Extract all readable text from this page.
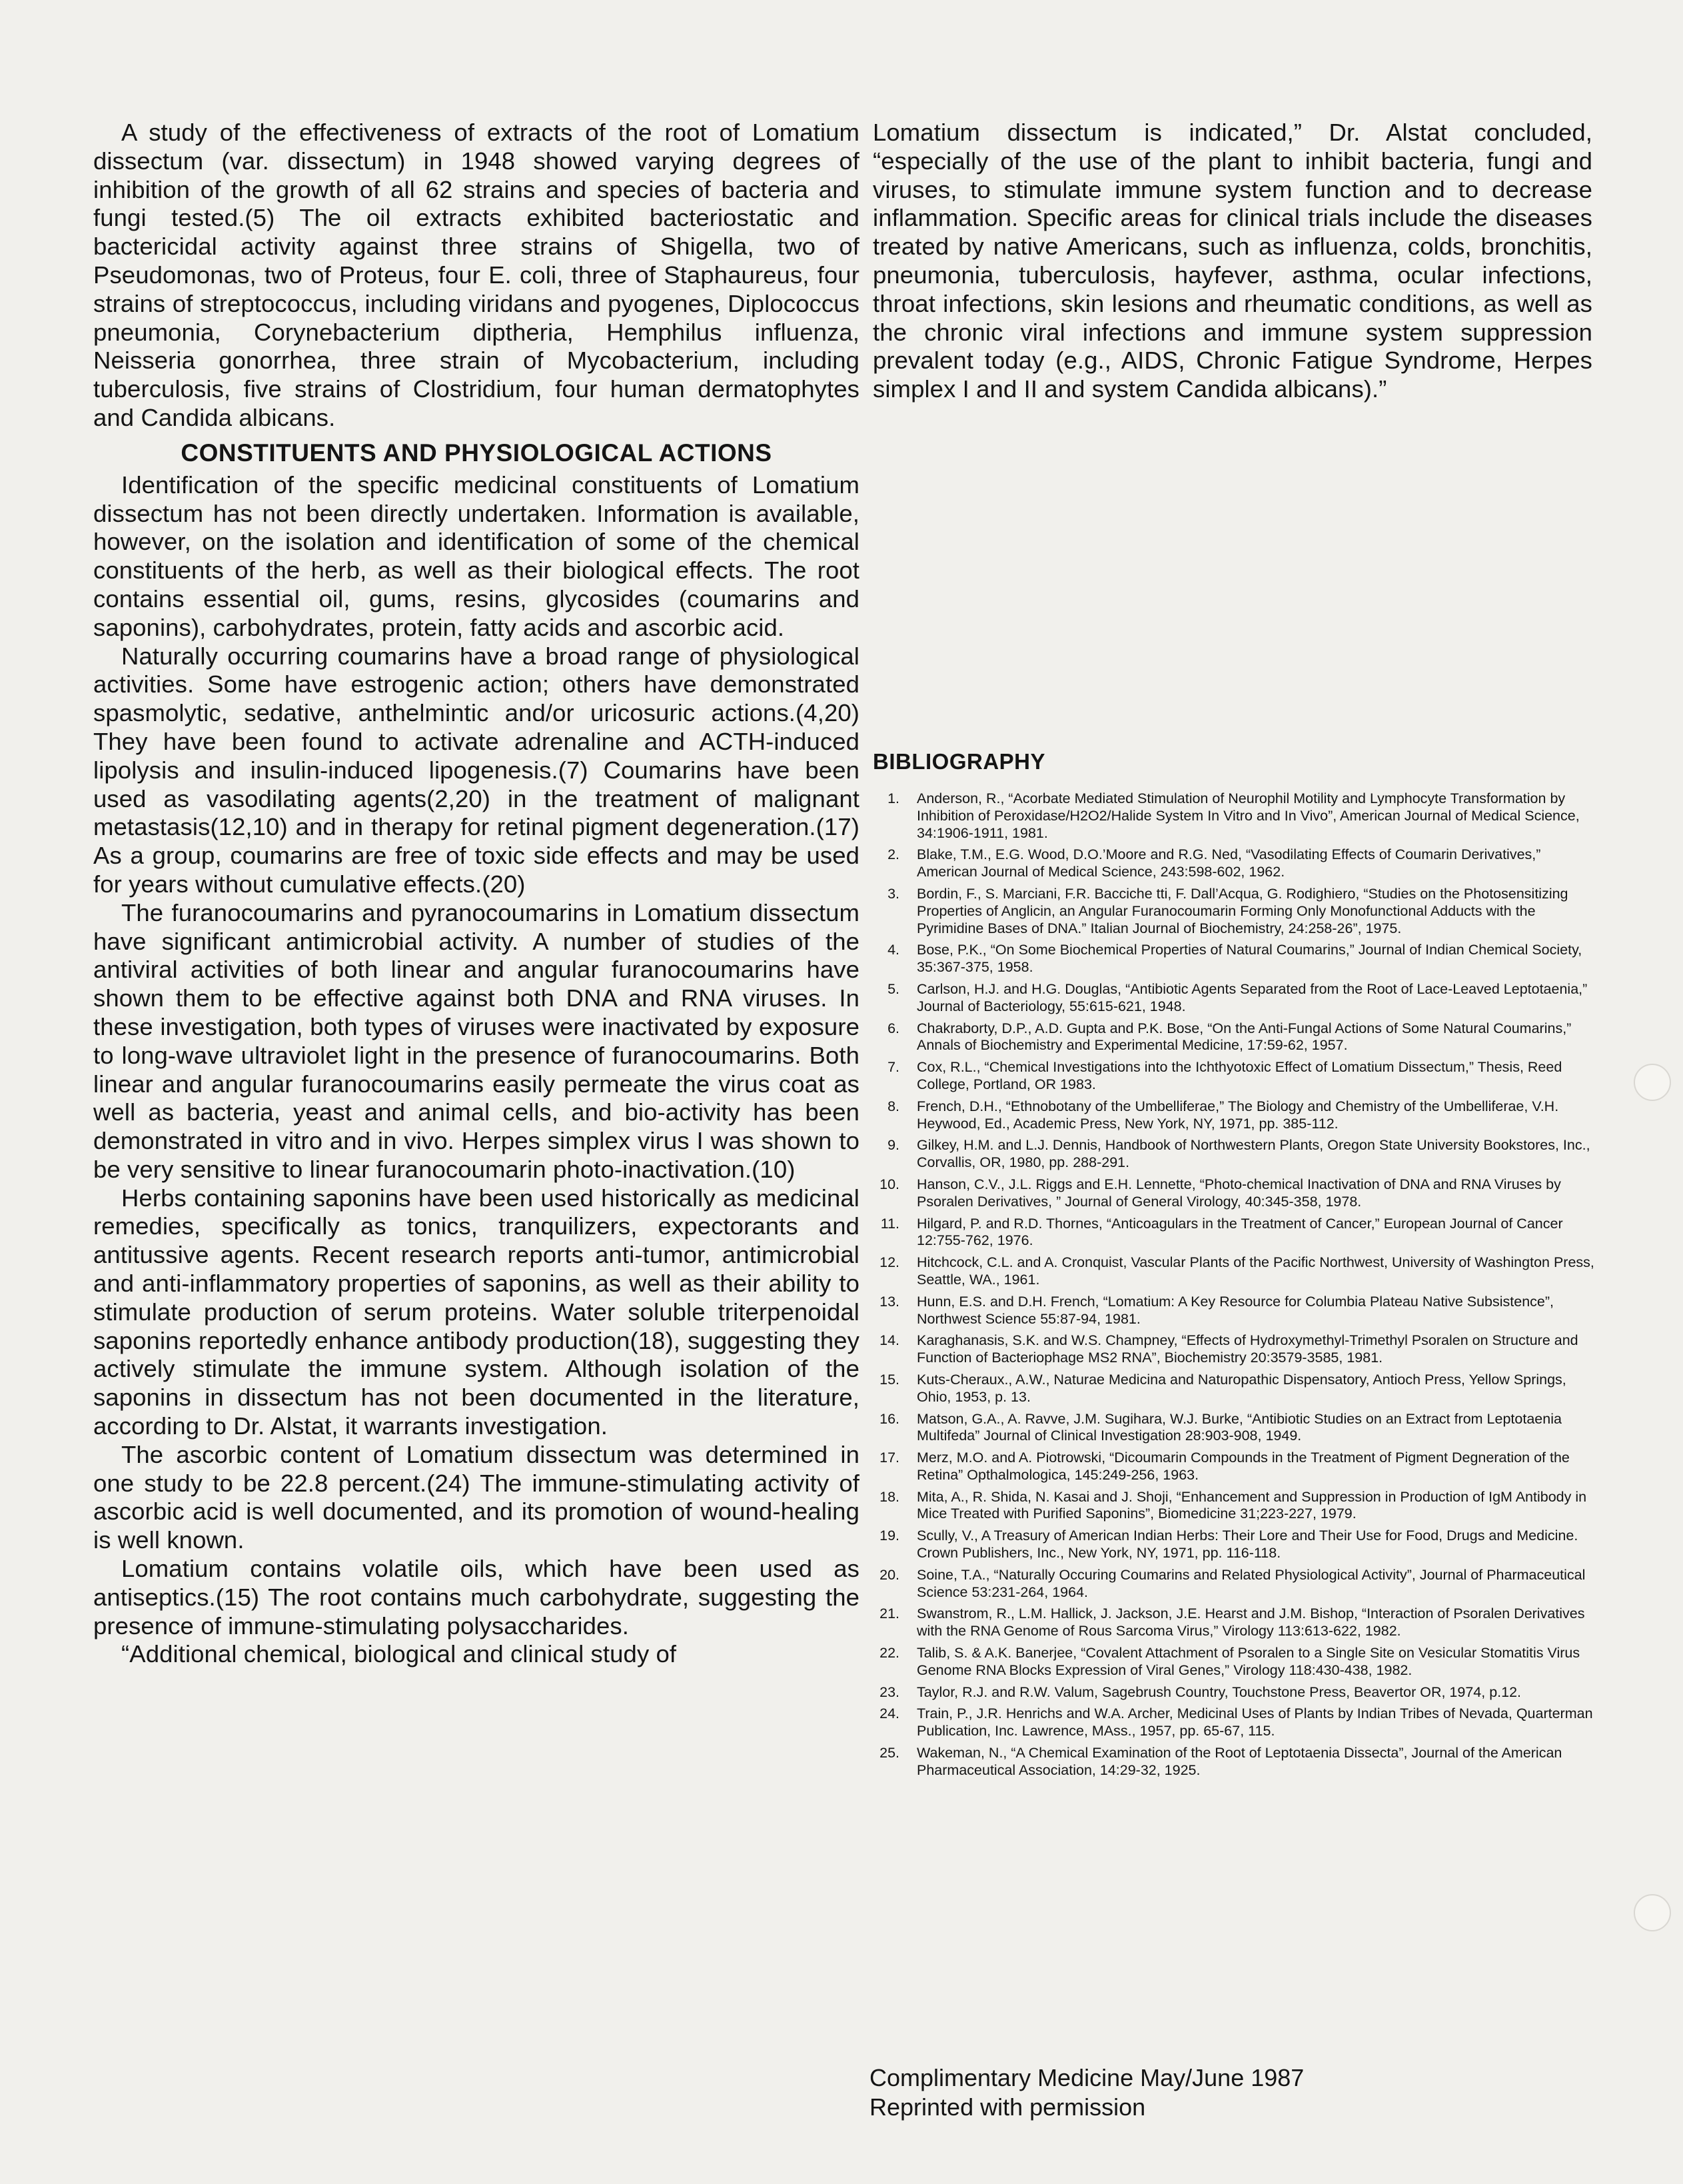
A study of the effectiveness of extracts of the root of Lomatium dissectum (var. dissectum) in 1948 showed varying degrees of inhibition of the growth of all 62 strains and species of bacteria and fungi tested.(5) The oil extracts exhibited bacteriostatic and bactericidal activity against three strains of Shigella, two of Pseudomonas, two of Proteus, four E. coli, three of Staphaureus, four strains of streptococcus, including viridans and pyogenes, Diplococcus pneumonia, Corynebacterium diptheria, Hemphilus influenza, Neisseria gonorrhea, three strain of Mycobacterium, including tuberculosis, five strains of Clostridium, four human dermatophytes and Candida albicans.

CONSTITUENTS AND PHYSIOLOGICAL ACTIONS

Identification of the specific medicinal constituents of Lomatium dissectum has not been directly undertaken. Information is available, however, on the isolation and identification of some of the chemical constituents of the herb, as well as their biological effects. The root contains essential oil, gums, resins, glycosides (coumarins and saponins), carbohydrates, protein, fatty acids and ascorbic acid.

Naturally occurring coumarins have a broad range of physiological activities. Some have estrogenic action; others have demonstrated spasmolytic, sedative, anthelmintic and/or uricosuric actions.(4,20) They have been found to activate adrenaline and ACTH-induced lipolysis and insulin-induced lipogenesis.(7) Coumarins have been used as vasodilating agents(2,20) in the treatment of malignant metastasis(12,10) and in therapy for retinal pigment degeneration.(17) As a group, coumarins are free of toxic side effects and may be used for years without cumulative effects.(20)

The furanocoumarins and pyranocoumarins in Lomatium dissectum have significant antimicrobial activity. A number of studies of the antiviral activities of both linear and angular furanocoumarins have shown them to be effective against both DNA and RNA viruses. In these investigation, both types of viruses were inactivated by exposure to long-wave ultraviolet light in the presence of furanocoumarins. Both linear and angular furanocoumarins easily permeate the virus coat as well as bacteria, yeast and animal cells, and bio-activity has been demonstrated in vitro and in vivo. Herpes simplex virus I was shown to be very sensitive to linear furanocoumarin photo-inactivation.(10)

Herbs containing saponins have been used historically as medicinal remedies, specifically as tonics, tranquilizers, expectorants and antitussive agents. Recent research reports anti-tumor, antimicrobial and anti-inflammatory properties of saponins, as well as their ability to stimulate production of serum proteins. Water soluble triterpenoidal saponins reportedly enhance antibody production(18), suggesting they actively stimulate the immune system. Although isolation of the saponins in dissectum has not been documented in the literature, according to Dr. Alstat, it warrants investigation.

The ascorbic content of Lomatium dissectum was determined in one study to be 22.8 percent.(24) The immune-stimulating activity of ascorbic acid is well documented, and its promotion of wound-healing is well known.

Lomatium contains volatile oils, which have been used as antiseptics.(15) The root contains much carbohydrate, suggesting the presence of immune-stimulating polysaccharides.

“Additional chemical, biological and clinical study of

Lomatium dissectum is indicated,” Dr. Alstat concluded, “especially of the use of the plant to inhibit bacteria, fungi and viruses, to stimulate immune system function and to decrease inflammation. Specific areas for clinical trials include the diseases treated by native Americans, such as influenza, colds, bronchitis, pneumonia, tuberculosis, hayfever, asthma, ocular infections, throat infections, skin lesions and rheumatic conditions, as well as the chronic viral infections and immune system suppression prevalent today (e.g., AIDS, Chronic Fatigue Syndrome, Herpes simplex I and II and system Candida albicans).”

BIBLIOGRAPHY
1. Anderson, R., “Acorbate Mediated Stimulation of Neurophil Motility and Lymphocyte Transformation by Inhibition of Peroxidase/H2O2/Halide System In Vitro and In Vivo”, American Journal of Medical Science, 34:1906-1911, 1981.
2. Blake, T.M., E.G. Wood, D.O.’Moore and R.G. Ned, “Vasodilating Effects of Coumarin Derivatives,” American Journal of Medical Science, 243:598-602, 1962.
3. Bordin, F., S. Marciani, F.R. Bacciche tti, F. Dall’Acqua, G. Rodighiero, “Studies on the Photosensitizing Properties of Anglicin, an Angular Furanocoumarin Forming Only Monofunctional Adducts with the Pyrimidine Bases of DNA.” Italian Journal of Biochemistry, 24:258-26”, 1975.
4. Bose, P.K., “On Some Biochemical Properties of Natural Coumarins,” Journal of Indian Chemical Society, 35:367-375, 1958.
5. Carlson, H.J. and H.G. Douglas, “Antibiotic Agents Separated from the Root of Lace-Leaved Leptotaenia,” Journal of Bacteriology, 55:615-621, 1948.
6. Chakraborty, D.P., A.D. Gupta and P.K. Bose, “On the Anti-Fungal Actions of Some Natural Coumarins,” Annals of Biochemistry and Experimental Medicine, 17:59-62, 1957.
7. Cox, R.L., “Chemical Investigations into the Ichthyotoxic Effect of Lomatium Dissectum,” Thesis, Reed College, Portland, OR 1983.
8. French, D.H., “Ethnobotany of the Umbelliferae,” The Biology and Chemistry of the Umbelliferae, V.H. Heywood, Ed., Academic Press, New York, NY, 1971, pp. 385-112.
9. Gilkey, H.M. and L.J. Dennis, Handbook of Northwestern Plants, Oregon State University Bookstores, Inc., Corvallis, OR, 1980, pp. 288-291.
10. Hanson, C.V., J.L. Riggs and E.H. Lennette, “Photo-chemical Inactivation of DNA and RNA Viruses by Psoralen Derivatives, ” Journal of General Virology, 40:345-358, 1978.
11. Hilgard, P. and R.D. Thornes, “Anticoagulars in the Treatment of Cancer,” European Journal of Cancer 12:755-762, 1976.
12. Hitchcock, C.L. and A. Cronquist, Vascular Plants of the Pacific Northwest, University of Washington Press, Seattle, WA., 1961.
13. Hunn, E.S. and D.H. French, “Lomatium: A Key Resource for Columbia Plateau Native Subsistence”, Northwest Science 55:87-94, 1981.
14. Karaghanasis, S.K. and W.S. Champney, “Effects of Hydroxymethyl-Trimethyl Psoralen on Structure and Function of Bacteriophage MS2 RNA”, Biochemistry 20:3579-3585, 1981.
15. Kuts-Cheraux., A.W., Naturae Medicina and Naturopathic Dispensatory, Antioch Press, Yellow Springs, Ohio, 1953, p. 13.
16. Matson, G.A., A. Ravve, J.M. Sugihara, W.J. Burke, “Antibiotic Studies on an Extract from Leptotaenia Multifeda” Journal of Clinical Investigation 28:903-908, 1949.
17. Merz, M.O. and A. Piotrowski, “Dicoumarin Compounds in the Treatment of Pigment Degneration of the Retina” Opthalmologica, 145:249-256, 1963.
18. Mita, A., R. Shida, N. Kasai and J. Shoji, “Enhancement and Suppression in Production of IgM Antibody in Mice Treated with Purified Saponins”, Biomedicine 31;223-227, 1979.
19. Scully, V., A Treasury of American Indian Herbs: Their Lore and Their Use for Food, Drugs and Medicine. Crown Publishers, Inc., New York, NY, 1971, pp. 116-118.
20. Soine, T.A., “Naturally Occuring Coumarins and Related Physiological Activity”, Journal of Pharmaceutical Science 53:231-264, 1964.
21. Swanstrom, R., L.M. Hallick, J. Jackson, J.E. Hearst and J.M. Bishop, “Interaction of Psoralen Derivatives with the RNA Genome of Rous Sarcoma Virus,” Virology 113:613-622, 1982.
22. Talib, S. & A.K. Banerjee, “Covalent Attachment of Psoralen to a Single Site on Vesicular Stomatitis Virus Genome RNA Blocks Expression of Viral Genes,” Virology 118:430-438, 1982.
23. Taylor, R.J. and R.W. Valum, Sagebrush Country, Touchstone Press, Beavertor OR, 1974, p.12.
24. Train, P., J.R. Henrichs and W.A. Archer, Medicinal Uses of Plants by Indian Tribes of Nevada, Quarterman Publication, Inc. Lawrence, MAss., 1957, pp. 65-67, 115.
25. Wakeman, N., “A Chemical Examination of the Root of Leptotaenia Dissecta”, Journal of the American Pharmaceutical Association, 14:29-32, 1925.
Complimentary Medicine May/June 1987
Reprinted with permission
